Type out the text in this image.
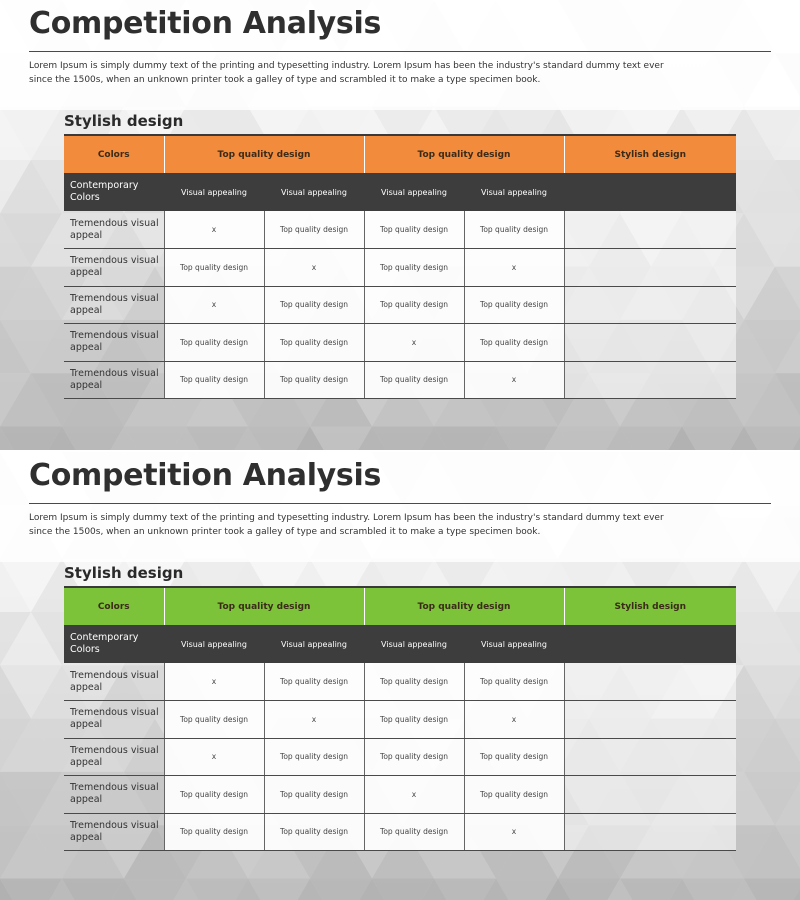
Competition Analysis
Lorem Ipsum is simply dummy text of the printing and typesetting industry. Lorem Ipsum has been the industry's standard dummy text ever since the 1500s, when an unknown printer took a galley of type and scrambled it to make a type specimen book.
Stylish design
Colors	Top quality design		Top quality design		Stylish design
Contemporary Colors	Visual appealing	Visual appealing	Visual appealing	Visual appealing	
Tremendous visual appeal	x	Top quality design	Top quality design	Top quality design	
Tremendous visual appeal	Top quality design	x	Top quality design	x	
Tremendous visual appeal	x	Top quality design	Top quality design	Top quality design	
Tremendous visual appeal	Top quality design	Top quality design	x	Top quality design	
Tremendous visual appeal	Top quality design	Top quality design	Top quality design	x	
Competition Analysis
Lorem Ipsum is simply dummy text of the printing and typesetting industry. Lorem Ipsum has been the industry's standard dummy text ever since the 1500s, when an unknown printer took a galley of type and scrambled it to make a type specimen book.
Stylish design
Colors	Top quality design		Top quality design		Stylish design
Contemporary Colors	Visual appealing	Visual appealing	Visual appealing	Visual appealing	
Tremendous visual appeal	x	Top quality design	Top quality design	Top quality design	
Tremendous visual appeal	Top quality design	x	Top quality design	x	
Tremendous visual appeal	x	Top quality design	Top quality design	Top quality design	
Tremendous visual appeal	Top quality design	Top quality design	x	Top quality design	
Tremendous visual appeal	Top quality design	Top quality design	Top quality design	x	
